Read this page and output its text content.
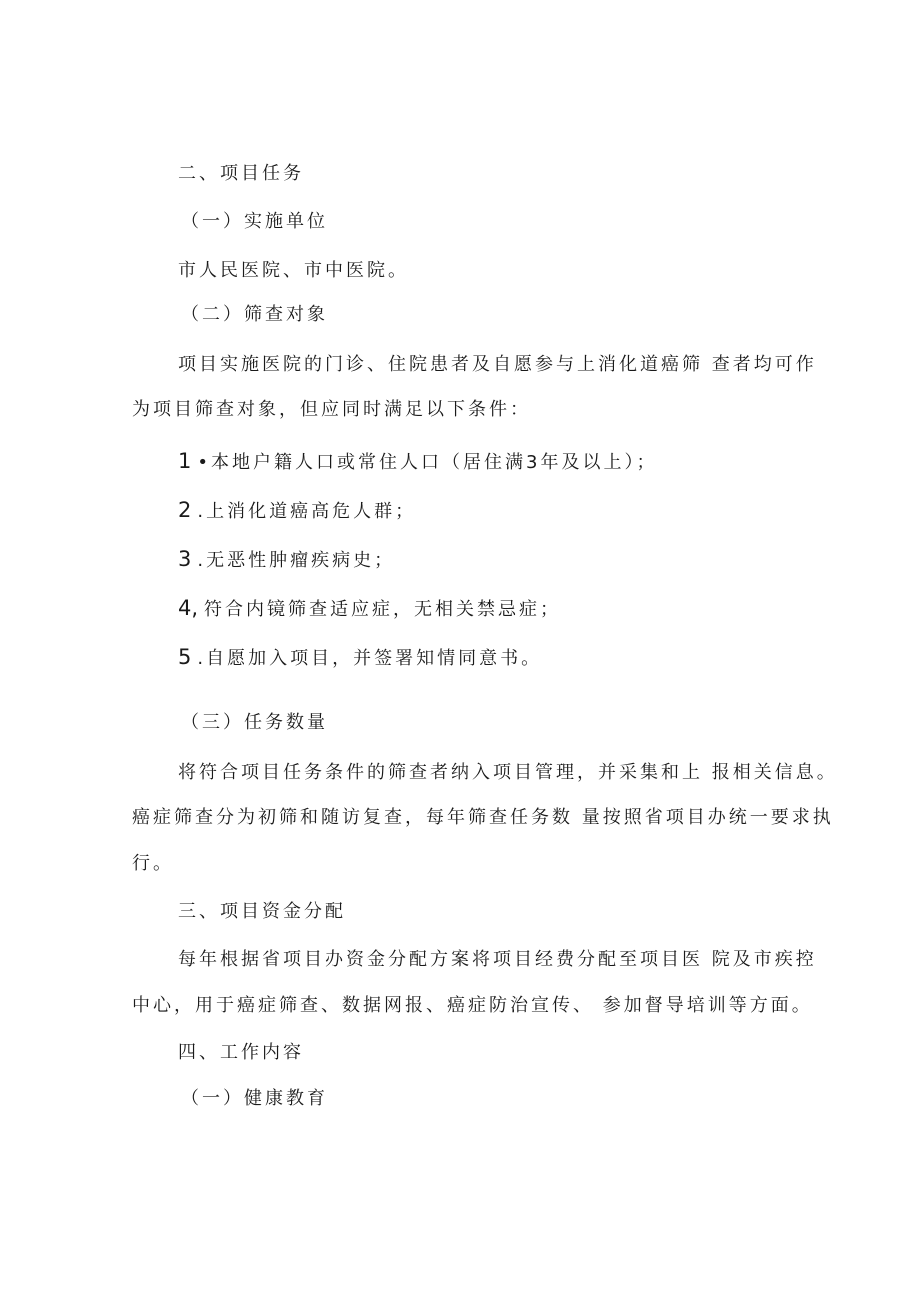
二、项目任务
（一）实施单位
市人民医院、市中医院。
（二）筛查对象
项目实施医院的门诊、住院患者及自愿参与上消化道癌筛 查者均可作
为项目筛查对象，但应同时满足以下条件：
1 •本地户籍人口或常住人口（居住满3年及以上）；
2 .上消化道癌高危人群；
3 .无恶性肿瘤疾病史；
4, 符合内镜筛查适应症，无相关禁忌症；
5 .自愿加入项目，并签署知情同意书。
（三）任务数量
将符合项目任务条件的筛查者纳入项目管理，并采集和上 报相关信息。
癌症筛查分为初筛和随访复查，每年筛查任务数 量按照省项目办统一要求执
行。
三、项目资金分配
每年根据省项目办资金分配方案将项目经费分配至项目医 院及市疾控
中心，用于癌症筛查、数据网报、癌症防治宣传、 参加督导培训等方面。
四、工作内容
（一）健康教育
